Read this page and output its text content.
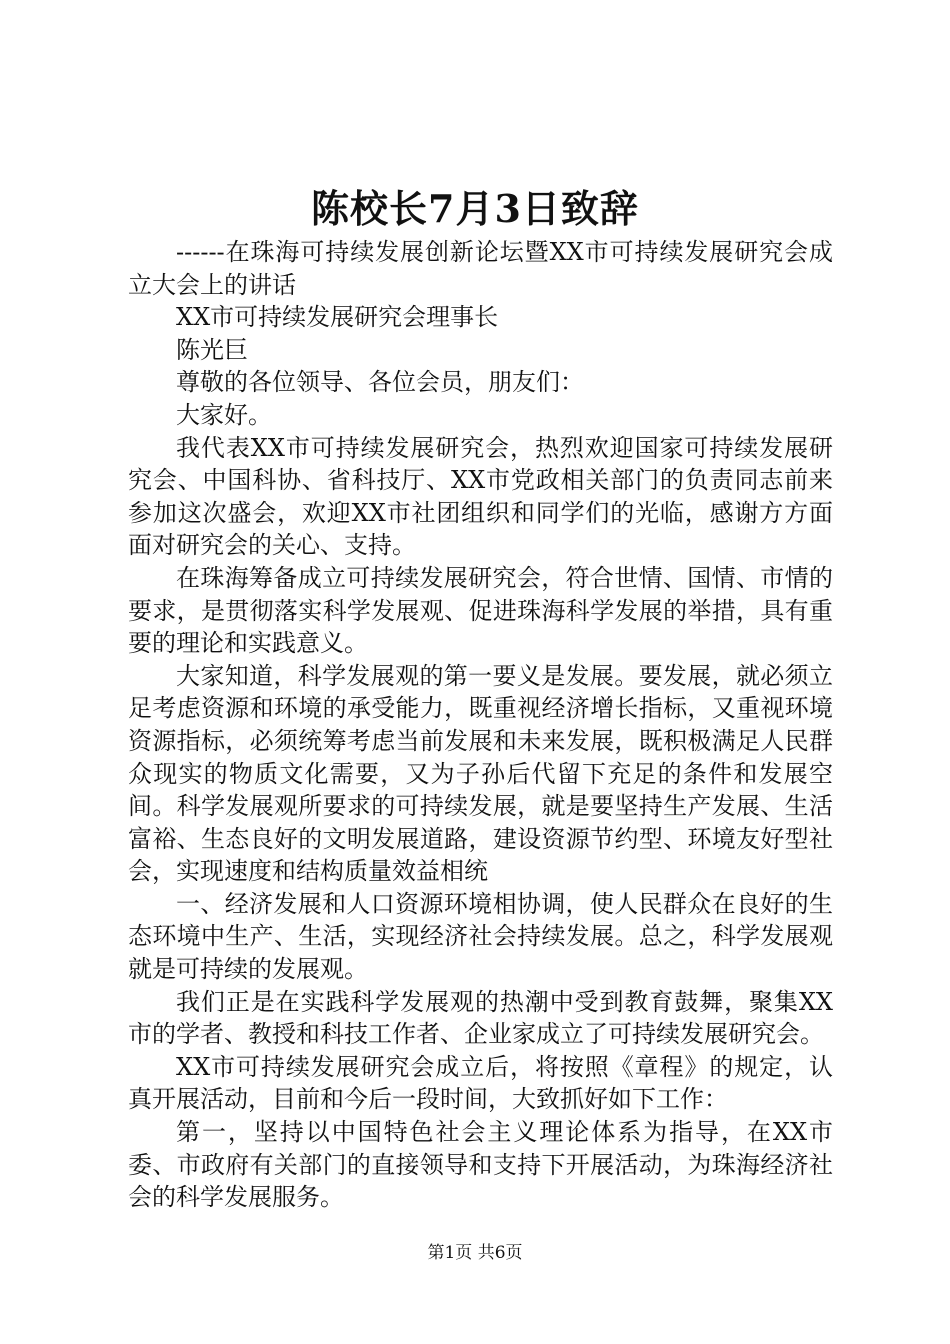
陈校长7月3日致辞

------在珠海可持续发展创新论坛暨XX市可持续发展研究会成立大会上的讲话

XX市可持续发展研究会理事长

陈光巨

尊敬的各位领导、各位会员，朋友们：

大家好。

我代表XX市可持续发展研究会，热烈欢迎国家可持续发展研究会、中国科协、省科技厅、XX市党政相关部门的负责同志前来参加这次盛会，欢迎XX市社团组织和同学们的光临，感谢方方面面对研究会的关心、支持。

在珠海筹备成立可持续发展研究会，符合世情、国情、市情的要求，是贯彻落实科学发展观、促进珠海科学发展的举措，具有重要的理论和实践意义。

大家知道，科学发展观的第一要义是发展。要发展，就必须立足考虑资源和环境的承受能力，既重视经济增长指标，又重视环境资源指标，必须统筹考虑当前发展和未来发展，既积极满足人民群众现实的物质文化需要，又为子孙后代留下充足的条件和发展空间。科学发展观所要求的可持续发展，就是要坚持生产发展、生活富裕、生态良好的文明发展道路，建设资源节约型、环境友好型社会，实现速度和结构质量效益相统

一、经济发展和人口资源环境相协调，使人民群众在良好的生态环境中生产、生活，实现经济社会持续发展。总之，科学发展观就是可持续的发展观。

我们正是在实践科学发展观的热潮中受到教育鼓舞，聚集XX市的学者、教授和科技工作者、企业家成立了可持续发展研究会。

XX市可持续发展研究会成立后，将按照《章程》的规定，认真开展活动，目前和今后一段时间，大致抓好如下工作：

第一，坚持以中国特色社会主义理论体系为指导，在XX市委、市政府有关部门的直接领导和支持下开展活动，为珠海经济社会的科学发展服务。

第1页 共6页
